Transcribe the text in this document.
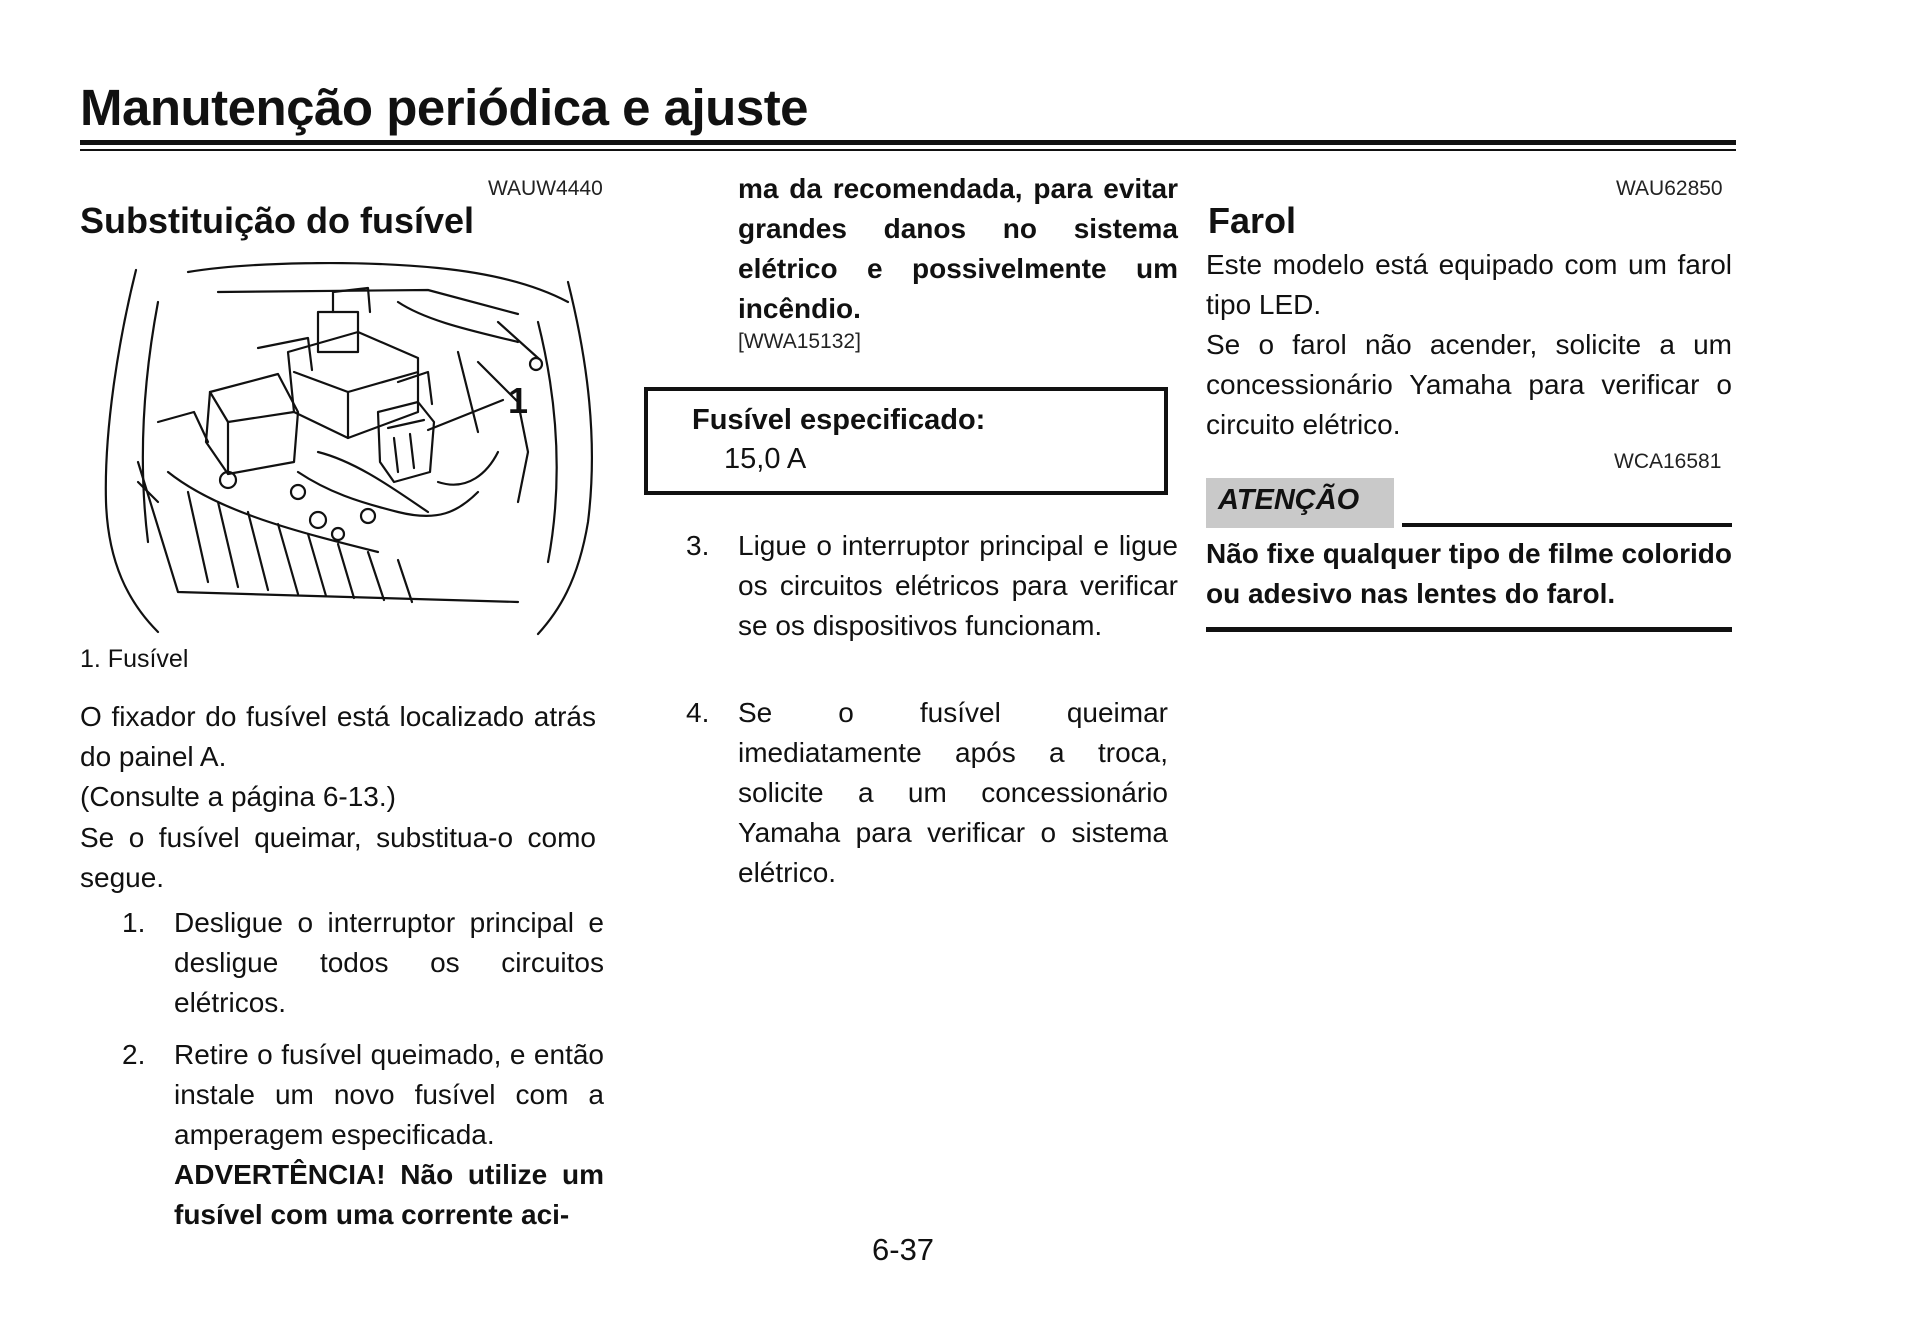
Manutenção periódica e ajuste
WAUW4440
Substituição do fusível
1
1. Fusível
O fixador do fusível está localizado atrás do painel A.
(Consulte a página 6-13.)
Se o fusível queimar, substitua-o como segue.
1. Desligue o interruptor principal e desligue todos os circuitos elétricos.
2. Retire o fusível queimado, e então instale um novo fusível com a amperagem especificada.
ADVERTÊNCIA! Não utilize um fusível com uma corrente aci-
ma da recomendada, para evitar grandes danos no sistema elétrico e possivelmente um incêndio.
[WWA15132]
Fusível especificado:
15,0 A
3. Ligue o interruptor principal e ligue os circuitos elétricos para verificar se os dispositivos funcionam.
4. Se o fusível queimar imediatamente após a troca, solicite a um concessionário Yamaha para verificar o sistema elétrico.
WAU62850
Farol
Este modelo está equipado com um farol tipo LED.
Se o farol não acender, solicite a um concessionário Yamaha para verificar o circuito elétrico.
WCA16581
ATENÇÃO
Não fixe qualquer tipo de filme colorido ou adesivo nas lentes do farol.
6-37
